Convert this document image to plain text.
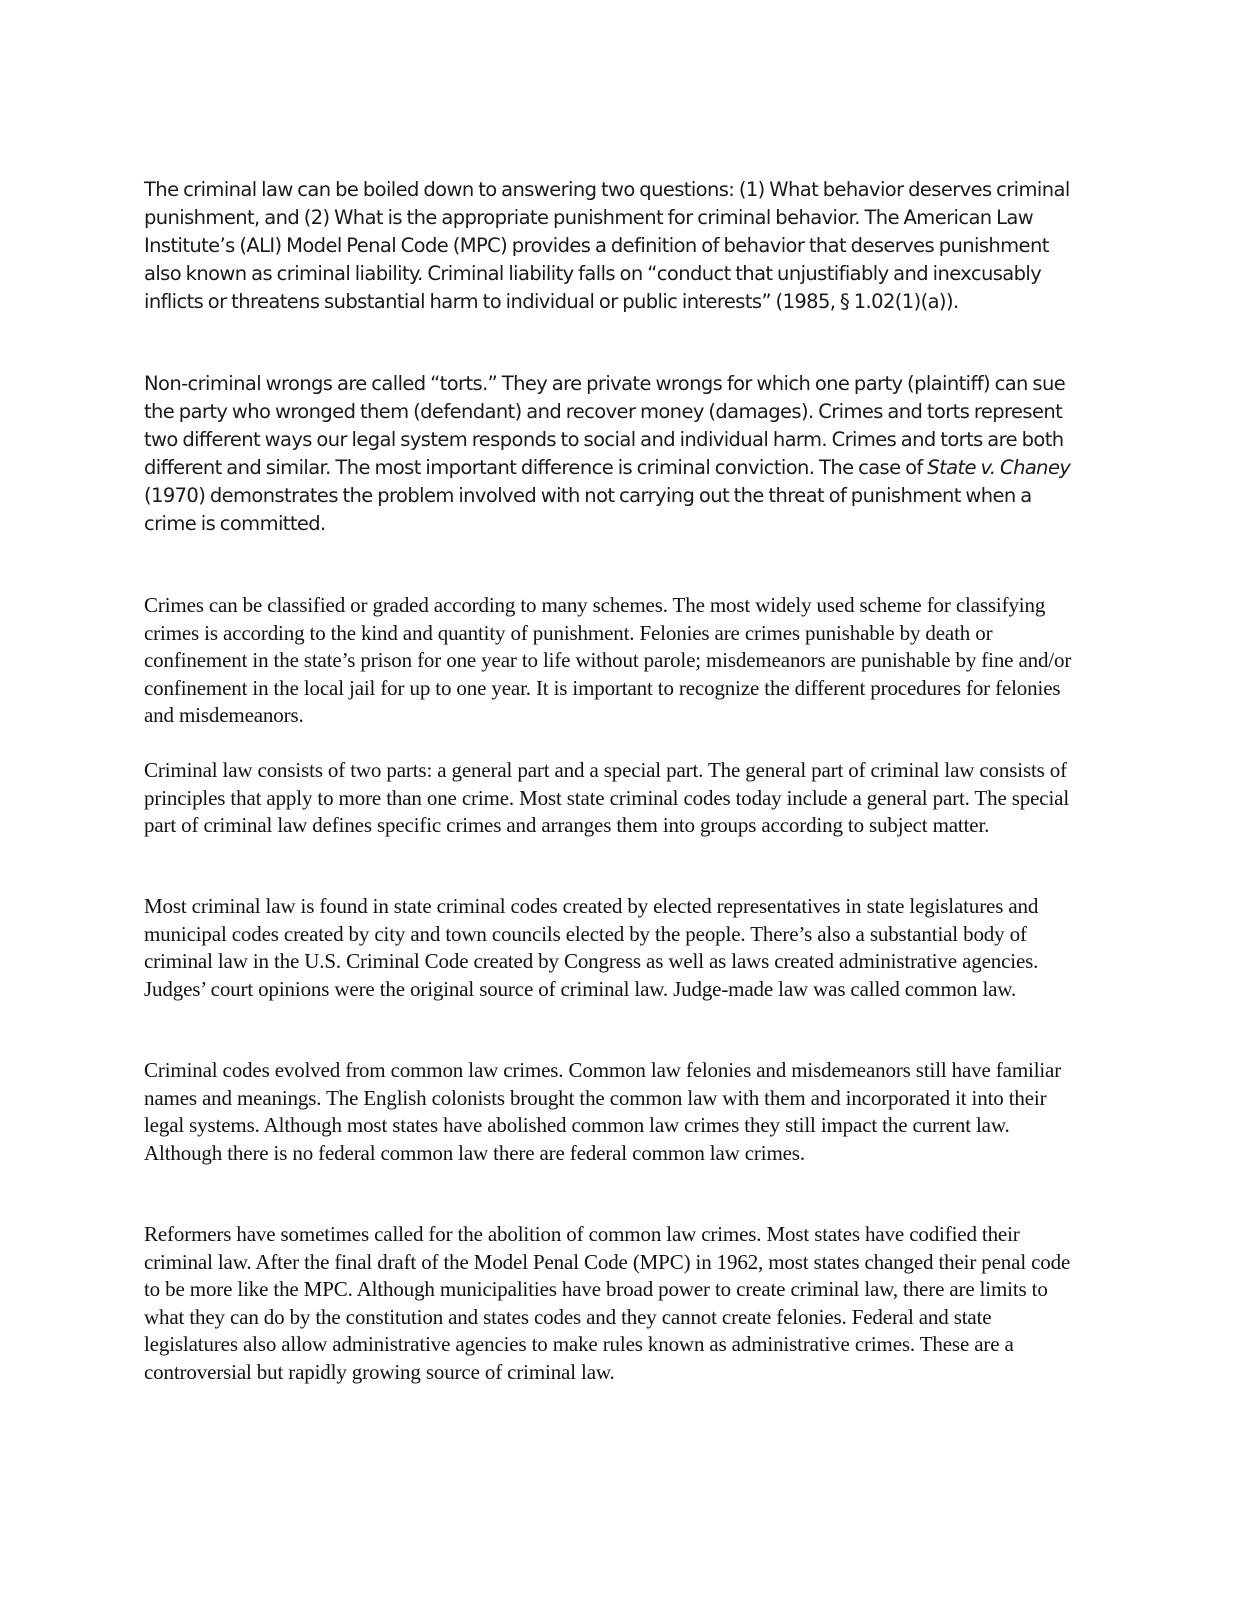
The criminal law can be boiled down to answering two questions: (1) What behavior deserves criminal punishment, and (2) What is the appropriate punishment for criminal behavior. The American Law Institute’s (ALI) Model Penal Code (MPC) provides a definition of behavior that deserves punishment also known as criminal liability. Criminal liability falls on “conduct that unjustifiably and inexcusably inflicts or threatens substantial harm to individual or public interests” (1985, § 1.02(1)(a)).

Non-criminal wrongs are called “torts.” They are private wrongs for which one party (plaintiff) can sue the party who wronged them (defendant) and recover money (damages). Crimes and torts represent two different ways our legal system responds to social and individual harm. Crimes and torts are both different and similar. The most important difference is criminal conviction. The case of State v. Chaney (1970) demonstrates the problem involved with not carrying out the threat of punishment when a crime is committed.

Crimes can be classified or graded according to many schemes. The most widely used scheme for classifying crimes is according to the kind and quantity of punishment. Felonies are crimes punishable by death or confinement in the state’s prison for one year to life without parole; misdemeanors are punishable by fine and/or confinement in the local jail for up to one year. It is important to recognize the different procedures for felonies and misdemeanors.

Criminal law consists of two parts: a general part and a special part. The general part of criminal law consists of principles that apply to more than one crime. Most state criminal codes today include a general part. The special part of criminal law defines specific crimes and arranges them into groups according to subject matter.

Most criminal law is found in state criminal codes created by elected representatives in state legislatures and municipal codes created by city and town councils elected by the people. There’s also a substantial body of criminal law in the U.S. Criminal Code created by Congress as well as laws created administrative agencies. Judges’ court opinions were the original source of criminal law. Judge-made law was called common law.

Criminal codes evolved from common law crimes. Common law felonies and misdemeanors still have familiar names and meanings. The English colonists brought the common law with them and incorporated it into their legal systems. Although most states have abolished common law crimes they still impact the current law. Although there is no federal common law there are federal common law crimes.

Reformers have sometimes called for the abolition of common law crimes. Most states have codified their criminal law. After the final draft of the Model Penal Code (MPC) in 1962, most states changed their penal code to be more like the MPC. Although municipalities have broad power to create criminal law, there are limits to what they can do by the constitution and states codes and they cannot create felonies. Federal and state legislatures also allow administrative agencies to make rules known as administrative crimes. These are a controversial but rapidly growing source of criminal law.
